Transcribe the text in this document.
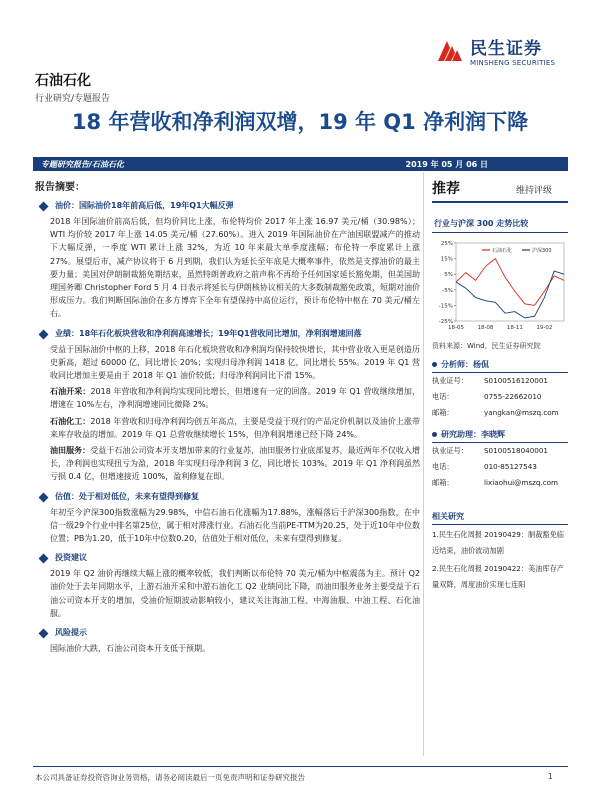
民生证券
MINSHENG SECURITIES
石油石化
行业研究/专题报告
18 年营收和净利润双增，19 年 Q1 净利润下降
专题研究报告/石油石化	2019 年 05 月 06 日
报告摘要：
油价：国际油价18年前高后低，19年Q1大幅反弹
2018 年国际油价前高后低，但均价同比上涨，布伦特均价 2017 年上涨 16.97 美元/桶（30.98%）；WTI 均价较 2017 年上涨 14.05 美元/桶（27.60%）。进入 2019 年国际油价在产油国联盟减产的推动下大幅反弹，一季度 WTI 累计上涨 32%，为近 10 年来最大单季度涨幅；布伦特一季度累计上涨 27%。展望后市，减产协议将于 6 月到期，我们认为延长至年底是大概率事件，依然是支撑油价的最主要力量；美国对伊朗制裁豁免期结束，虽然特朗普政府之前声称不再给予任何国家延长豁免期，但美国助理国务卿 Christopher Ford 5 月 4 日表示将延长与伊朗核协议相关的大多数制裁豁免政策，短期对油价形成压力。我们判断国际油价在多方博弈下全年有望保持中高位运行，预计布伦特中枢在 70 美元/桶左右。
业绩：18年石化板块营收和净利润高速增长；19年Q1营收同比增加，净利润增速回落
受益于国际油价中枢的上移，2018 年石化板块营收和净利润均保持较快增长，其中营业收入更是创造历史新高，超过 60000 亿，同比增长 20%；实现归母净利润 1418 亿，同比增长 55%。2019 年 Q1 营收同比增加主要是由于 2018 年 Q1 油价较低；归母净利润同比下滑 15%。
石油开采：2018 年营收和净利润均实现同比增长，但增速有一定的回落。2019 年 Q1 营收继续增加，增速在 10%左右，净利润增速同比微降 2%。
石油化工：2018 年营收和归母净利润均创五年高点，主要是受益于现行的产品定价机制以及油价上涨带来库存收益的增加。2019 年 Q1 总营收继续增长 15%，但净利润增速已经下降 24%。
油田服务：受益于石油公司资本开支增加带来的行业复苏，油田服务行业底部复苏，最近两年不仅收入增长，净利润也实现扭亏为盈，2018 年实现归母净利润 3 亿，同比增长 103%。2019 年 Q1 净利润虽然亏损 0.4 亿，但增速接近 100%，盈利修复在即。
估值：处于相对低位，未来有望得到修复
年初至今沪深300指数涨幅为29.98%，中信石油石化涨幅为17.88%，涨幅落后于沪深300指数，在中信一级29个行业中排名第25位，属于相对滞涨行业。石油石化当前PE-TTM为20.25，处于近10年中位数位置；PB为1.20，低于10年中位数0.20，估值处于相对低位，未来有望得到修复。
投资建议
2019 年 Q2 油价再继续大幅上涨的概率较低，我们判断以布伦特 70 美元/桶为中枢震荡为主。预计 Q2 油价处于去年同期水平，上游石油开采和中游石油化工 Q2 业绩同比下降，而油田服务业务主要受益于石油公司资本开支的增加，受油价短期波动影响较小，建议关注海油工程、中海油服、中油工程、石化油服。
风险提示
国际油价大跌，石油公司资本开支低于预期。
推荐	维持评级
行业与沪深 300 走势比较
-25%
-15%
-5%
5%
15%
25%
18-05 18-08 18-11 19-02
石油石化	沪深300
资料来源：Wind，民生证券研究院
分析师：杨侃
执业证号：	S0100516120001
电话：	0755-22662010
邮箱：	yangkan@mszq.com
研究助理：李晓辉
执业证号：	S0100518040001
电话：	010-85127543
邮箱：	lixiaohui@mszq.com
相关研究
1.民生石化周报 20190429：制裁豁免临近结束，油价波动加剧
2.民生石化周报 20190422：美油库存产量双降，周度油价实现七连阳
本公司具备证券投资咨询业务资格，请务必阅读最后一页免责声明和证券研究报告	1
